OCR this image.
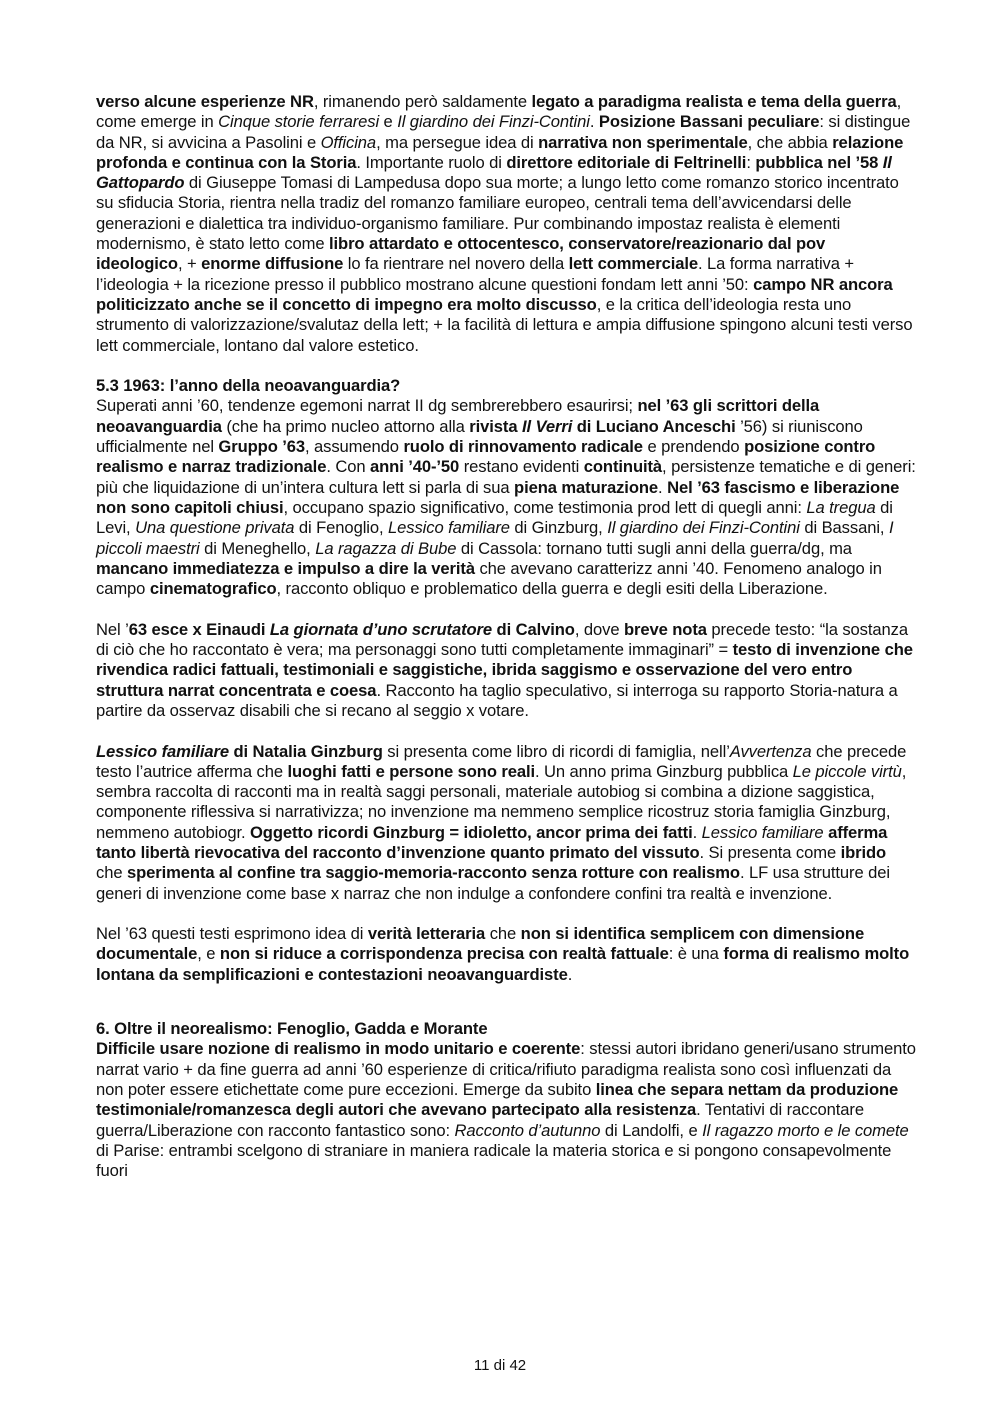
verso alcune esperienze NR, rimanendo però saldamente legato a paradigma realista e tema della guerra, come emerge in Cinque storie ferraresi e Il giardino dei Finzi-Contini. Posizione Bassani peculiare: si distingue da NR, si avvicina a Pasolini e Officina, ma persegue idea di narrativa non sperimentale, che abbia relazione profonda e continua con la Storia. Importante ruolo di direttore editoriale di Feltrinelli: pubblica nel ’58 Il Gattopardo di Giuseppe Tomasi di Lampedusa dopo sua morte; a lungo letto come romanzo storico incentrato su sfiducia Storia, rientra nella tradiz del romanzo familiare europeo, centrali tema dell’avvicendarsi delle generazioni e dialettica tra individuo-organismo familiare. Pur combinando impostaz realista è elementi modernismo, è stato letto come libro attardato e ottocentesco, conservatore/reazionario dal pov ideologico, + enorme diffusione lo fa rientrare nel novero della lett commerciale. La forma narrativa + l’ideologia + la ricezione presso il pubblico mostrano alcune questioni fondam lett anni ’50: campo NR ancora politicizzato anche se il concetto di impegno era molto discusso, e la critica dell’ideologia resta uno strumento di valorizzazione/svalutaz della lett; + la facilità di lettura e ampia diffusione spingono alcuni testi verso lett commerciale, lontano dal valore estetico.

5.3 1963: l’anno della neoavanguardia?

Superati anni ’60, tendenze egemoni narrat II dg sembrerebbero esaurirsi; nel ’63 gli scrittori della neoavanguardia (che ha primo nucleo attorno alla rivista Il Verri di Luciano Anceschi ’56) si riuniscono ufficialmente nel Gruppo ’63, assumendo ruolo di rinnovamento radicale e prendendo posizione contro realismo e narraz tradizionale. Con anni ’40-’50 restano evidenti continuità, persistenze tematiche e di generi: più che liquidazione di un’intera cultura lett si parla di sua piena maturazione. Nel ’63 fascismo e liberazione non sono capitoli chiusi, occupano spazio significativo, come testimonia prod lett di quegli anni: La tregua di Levi, Una questione privata di Fenoglio, Lessico familiare di Ginzburg, Il giardino dei Finzi-Contini di Bassani, I piccoli maestri di Meneghello, La ragazza di Bube di Cassola: tornano tutti sugli anni della guerra/dg, ma mancano immediatezza e impulso a dire la verità che avevano caratterizz anni ’40. Fenomeno analogo in campo cinematografico, racconto obliquo e problematico della guerra e degli esiti della Liberazione.

Nel ’63 esce x Einaudi La giornata d’uno scrutatore di Calvino, dove breve nota precede testo: “la sostanza di ciò che ho raccontato è vera; ma personaggi sono tutti completamente immaginari” = testo di invenzione che rivendica radici fattuali, testimoniali e saggistiche, ibrida saggismo e osservazione del vero entro struttura narrat concentrata e coesa. Racconto ha taglio speculativo, si interroga su rapporto Storia-natura a partire da osservaz disabili che si recano al seggio x votare.

Lessico familiare di Natalia Ginzburg si presenta come libro di ricordi di famiglia, nell’Avvertenza che precede testo l’autrice afferma che luoghi fatti e persone sono reali. Un anno prima Ginzburg pubblica Le piccole virtù, sembra raccolta di racconti ma in realtà saggi personali, materiale autobiog si combina a dizione saggistica, componente riflessiva si narrativizza; no invenzione ma nemmeno semplice ricostruz storia famiglia Ginzburg, nemmeno autobiogr. Oggetto ricordi Ginzburg = idioletto, ancor prima dei fatti. Lessico familiare afferma tanto libertà rievocativa del racconto d’invenzione quanto primato del vissuto. Si presenta come ibrido che sperimenta al confine tra saggio-memoria-racconto senza rotture con realismo. LF usa strutture dei generi di invenzione come base x narraz che non indulge a confondere confini tra realtà e invenzione.

Nel ’63 questi testi esprimono idea di verità letteraria che non si identifica semplicem con dimensione documentale, e non si riduce a corrispondenza precisa con realtà fattuale: è una forma di realismo molto lontana da semplificazioni e contestazioni neoavanguardiste.

6. Oltre il neorealismo: Fenoglio, Gadda e Morante

Difficile usare nozione di realismo in modo unitario e coerente: stessi autori ibridano generi/usano strumento narrat vario + da fine guerra ad anni ’60 esperienze di critica/rifiuto paradigma realista sono così influenzati da non poter essere etichettate come pure eccezioni. Emerge da subito linea che separa nettam da produzione testimoniale/romanzesca degli autori che avevano partecipato alla resistenza. Tentativi di raccontare guerra/Liberazione con racconto fantastico sono: Racconto d’autunno di Landolfi, e Il ragazzo morto e le comete di Parise: entrambi scelgono di straniare in maniera radicale la materia storica e si pongono consapevolmente fuori

11 di 42
